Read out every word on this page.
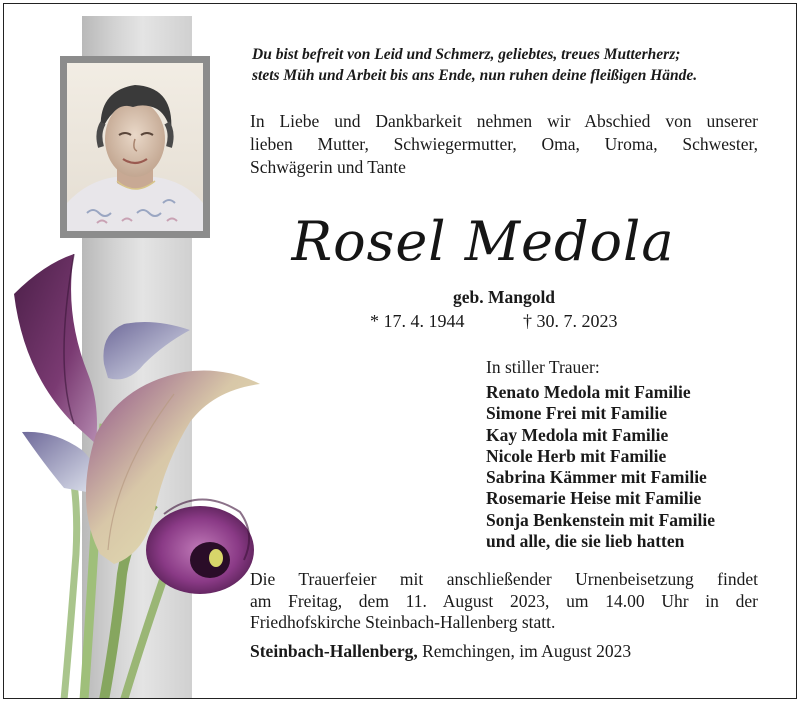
Du bist befreit von Leid und Schmerz, geliebtes, treues Mutterherz;
stets Müh und Arbeit bis ans Ende, nun ruhen deine fleißigen Hände.
In Liebe und Dankbarkeit nehmen wir Abschied von unserer
lieben Mutter, Schwiegermutter, Oma, Uroma, Schwester,
Schwägerin und Tante
Rosel Medola
geb. Mangold
* 17. 4. 1944	† 30. 7. 2023
In stiller Trauer:
Renato Medola mit Familie
Simone Frei mit Familie
Kay Medola mit Familie
Nicole Herb mit Familie
Sabrina Kämmer mit Familie
Rosemarie Heise mit Familie
Sonja Benkenstein mit Familie
und alle, die sie lieb hatten
Die Trauerfeier mit anschließender Urnenbeisetzung findet
am Freitag, dem 11. August 2023, um 14.00 Uhr in der
Friedhofskirche Steinbach-Hallenberg statt.
Steinbach-Hallenberg, Remchingen, im August 2023
